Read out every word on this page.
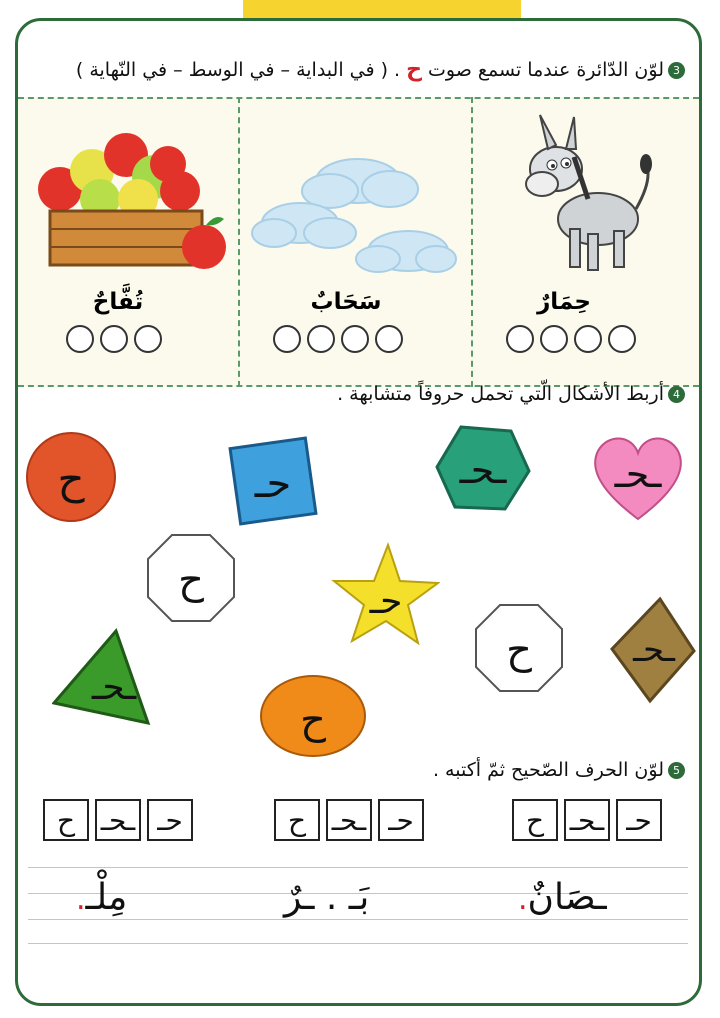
3لوّن الدّائرة عندما تسمع صوت ح . ( في البداية – في الوسط – في النّهاية )
حِمَارٌ
سَحَابٌ
تُفَّاحٌ
4أربط الأشكال الّتي تحمل حروفاً متشابهة .
ح	حـ	ـحـ	ـحـ
ح	حـ
ح	ـحـ
ـحـ
ح
5لوّن الحرف الصّحيح ثمّ أكتبه .
ح ـحـ حـ	ح ـحـ حـ	ح ـحـ حـ
مِلْـ.	بَـ . ـرٌ	ـصَانٌ.
